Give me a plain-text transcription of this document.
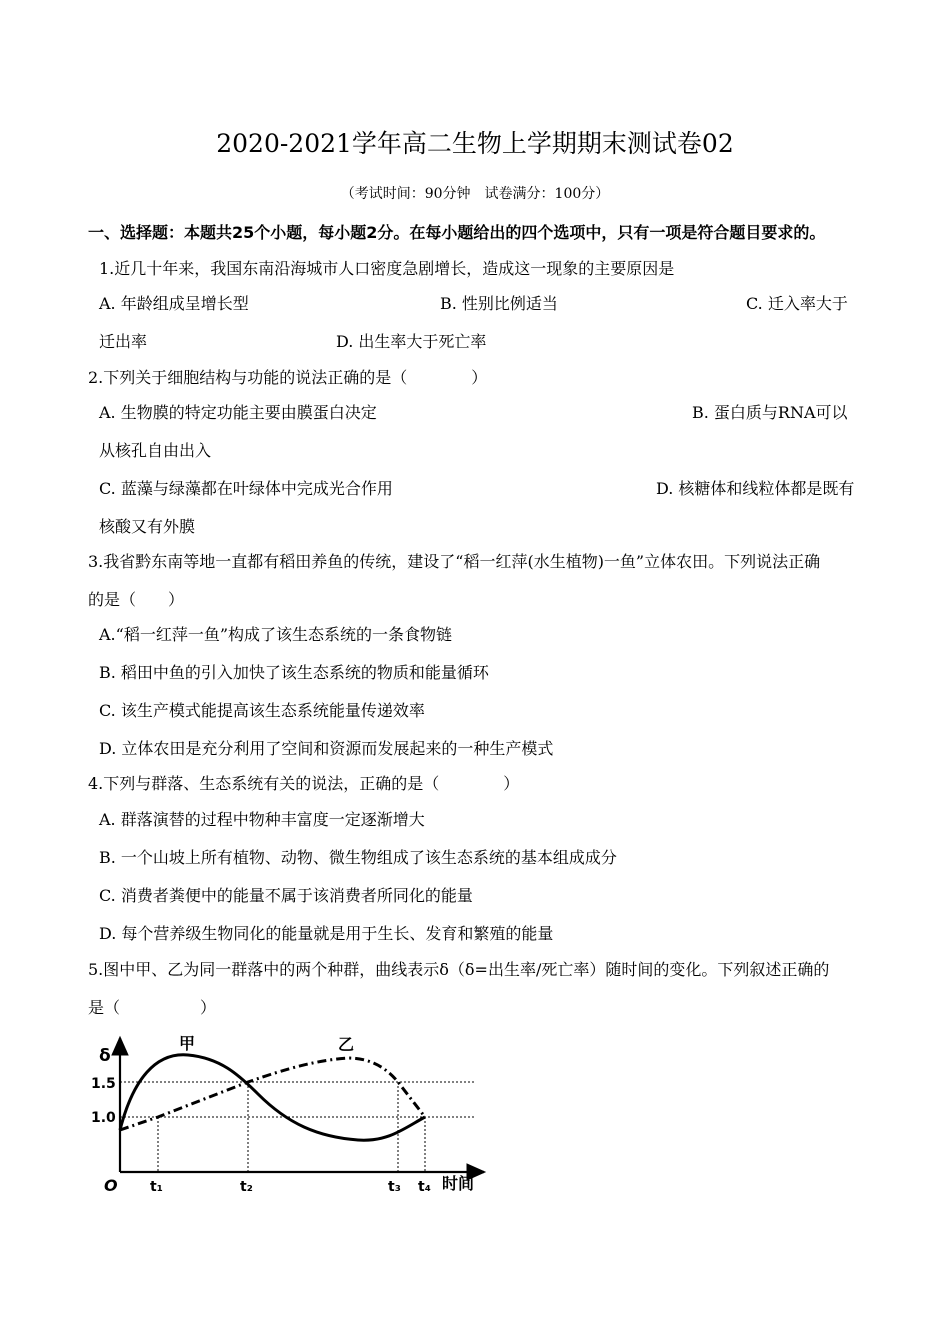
2020-2021学年高二生物上学期期末测试卷02
（考试时间：90分钟　试卷满分：100分）
一、选择题：本题共25个小题，每小题2分。在每小题给出的四个选项中，只有一项是符合题目要求的。
1.近几十年来，我国东南沿海城市人口密度急剧增长，造成这一现象的主要原因是
A. 年龄组成呈增长型	B. 性别比例适当	C. 迁入率大于
迁出率	D. 出生率大于死亡率
2.下列关于细胞结构与功能的说法正确的是（　　　　）
A. 生物膜的特定功能主要由膜蛋白决定	B. 蛋白质与RNA可以
从核孔自由出入
C. 蓝藻与绿藻都在叶绿体中完成光合作用	D. 核糖体和线粒体都是既有
核酸又有外膜
3.我省黔东南等地一直都有稻田养鱼的传统，建设了“稻一红萍(水生植物)一鱼”立体农田。下列说法正确
的是（　　）
A.“稻一红萍一鱼”构成了该生态系统的一条食物链
B. 稻田中鱼的引入加快了该生态系统的物质和能量循环
C. 该生产模式能提高该生态系统能量传递效率
D. 立体农田是充分利用了空间和资源而发展起来的一种生产模式
4.下列与群落、生态系统有关的说法，正确的是（　　　　）
A. 群落演替的过程中物种丰富度一定逐渐增大
B. 一个山坡上所有植物、动物、微生物组成了该生态系统的基本组成成分
C. 消费者粪便中的能量不属于该消费者所同化的能量
D. 每个营养级生物同化的能量就是用于生长、发育和繁殖的能量
5.图中甲、乙为同一群落中的两个种群，曲线表示δ（δ=出生率/死亡率）随时间的变化。下列叙述正确的
是（　　　　　）
δ
1.5
1.0
O t₁	t₂	t₃ t₄ 时间
甲	乙
